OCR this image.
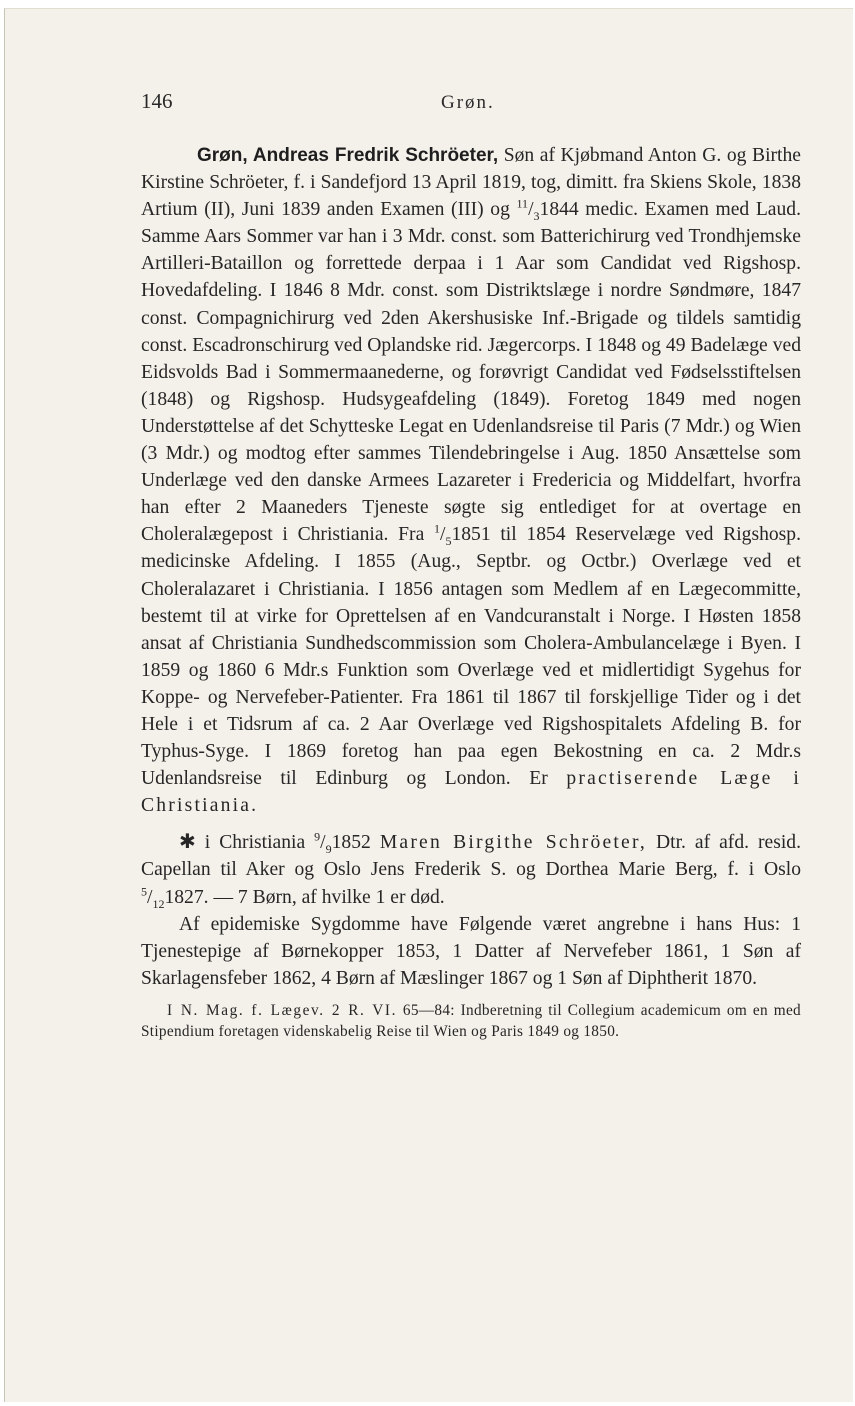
146	Grøn.

Grøn, Andreas Fredrik Schröeter, Søn af Kjøbmand Anton G. og Birthe Kirstine Schröeter, f. i Sandefjord 13 April 1819, tog, dimitt. fra Skiens Skole, 1838 Artium (II), Juni 1839 anden Examen (III) og $^{11}/_31844$ medic. Examen med Laud. Samme Aars Sommer var han i 3 Mdr. const. som Batterichirurg ved Trondhjemske Artilleri-Bataillon og forrettede derpaa i 1 Aar som Candidat ved Rigshosp. Hovedafdeling. I 1846 8 Mdr. const. som Distriktslæge i nordre Søndmøre, 1847 const. Compagnichirurg ved 2den Akershusiske Inf.-Brigade og tildels samtidig const. Escadronschirurg ved Oplandske rid. Jægercorps. I 1848 og 49 Badelæge ved Eidsvolds Bad i Sommermaanederne, og forøvrigt Candidat ved Fødselsstiftelsen (1848) og Rigshosp. Hudsygeafdeling (1849). Foretog 1849 med nogen Understøttelse af det Schytteske Legat en Udenlandsreise til Paris (7 Mdr.) og Wien (3 Mdr.) og modtog efter sammes Tilendebringelse i Aug. 1850 Ansættelse som Underlæge ved den danske Armees Lazareter i Fredericia og Middelfart, hvorfra han efter 2 Maaneders Tjeneste søgte sig entlediget for at overtage en Choleralægepost i Christiania. Fra $^1/_51851$ til 1854 Reservelæge ved Rigshosp. medicinske Afdeling. I 1855 (Aug., Septbr. og Octbr.) Overlæge ved et Choleralazaret i Christiania. I 1856 antagen som Medlem af en Lægecommitte, bestemt til at virke for Oprettelsen af en Vandcuranstalt i Norge. I Høsten 1858 ansat af Christiania Sundhedscommission som Cholera-Ambulancelæge i Byen. I 1859 og 1860 6 Mdr.s Funktion som Overlæge ved et midlertidigt Sygehus for Koppe- og Nervefeber-Patienter. Fra 1861 til 1867 til forskjellige Tider og i det Hele i et Tidsrum af ca. 2 Aar Overlæge ved Rigshospitalets Afdeling B. for Typhus-Syge. I 1869 foretog han paa egen Bekostning en ca. 2 Mdr.s Udenlandsreise til Edinburg og London. Er practiserende Læge i Christiania.

✱ i Christiania $^9/_91852$ Maren Birgithe Schröeter, Dtr. af afd. resid. Capellan til Aker og Oslo Jens Frederik S. og Dorthea Marie Berg, f. i Oslo $^5/_{12}1827$. — 7 Børn, af hvilke 1 er død.

Af epidemiske Sygdomme have Følgende været angrebne i hans Hus: 1 Tjenestepige af Børnekopper 1853, 1 Datter af Nervefeber 1861, 1 Søn af Skarlagensfeber 1862, 4 Børn af Mæslinger 1867 og 1 Søn af Diphtherit 1870.

I N. Mag. f. Lægev. 2 R. VI. 65—84: Indberetning til Collegium academicum om en med Stipendium foretagen videnskabelig Reise til Wien og Paris 1849 og 1850.
